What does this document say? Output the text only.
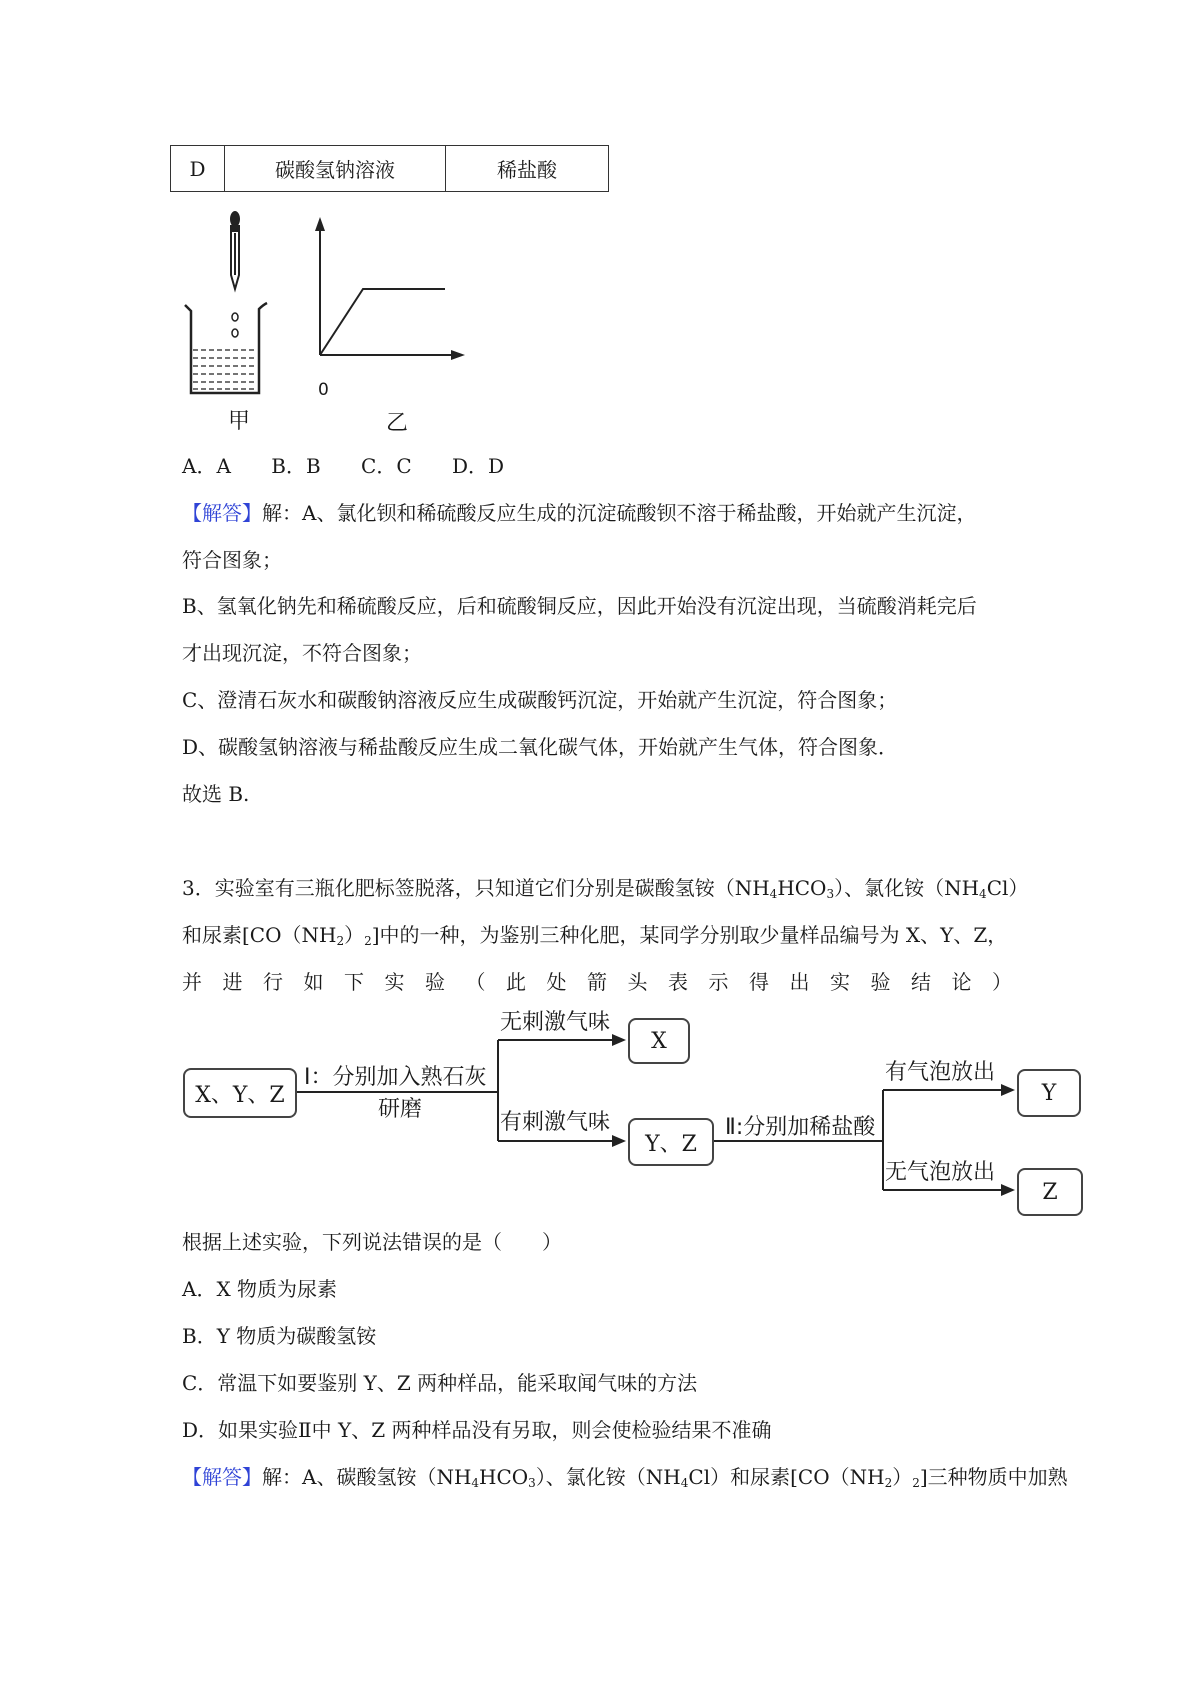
D	碳酸氢钠溶液	稀盐酸
0
甲	乙
A．A B．B C．C D．D
【解答】解：A、氯化钡和稀硫酸反应生成的沉淀硫酸钡不溶于稀盐酸，开始就产生沉淀，
符合图象；
B、氢氧化钠先和稀硫酸反应，后和硫酸铜反应，因此开始没有沉淀出现，当硫酸消耗完后
才出现沉淀，不符合图象；
C、澄清石灰水和碳酸钠溶液反应生成碳酸钙沉淀，开始就产生沉淀，符合图象；
D、碳酸氢钠溶液与稀盐酸反应生成二氧化碳气体，开始就产生气体，符合图象．
故选 B.
3．实验室有三瓶化肥标签脱落，只知道它们分别是碳酸氢铵$(NH_4HCO_3)$、氯化铵$(NH_4Cl)$
和尿素$[CO(NH_2)_2]$中的一种，为鉴别三种化肥，某同学分别取少量样品编号为 X、Y、Z，
并 进 行 如 下 实 验 （ 此 处 箭 头 表 示 得 出 实 验 结 论 ）
X、Y、Z
Ⅰ：分别加入熟石灰
研磨
无刺激气味
X
有刺激气味
Y、Z
Ⅱ:分别加稀盐酸
有气泡放出
Y
无气泡放出
Z
根据上述实验，下列说法错误的是（　　）
A．X 物质为尿素
B．Y 物质为碳酸氢铵
C．常温下如要鉴别 Y、Z 两种样品，能采取闻气味的方法
D．如果实验Ⅱ中 Y、Z 两种样品没有另取，则会使检验结果不准确
【解答】解：A、碳酸氢铵$(NH_4HCO_3)$、氯化铵$(NH_4Cl)$和尿素$[CO(NH_2)_2]$三种物质中加熟
